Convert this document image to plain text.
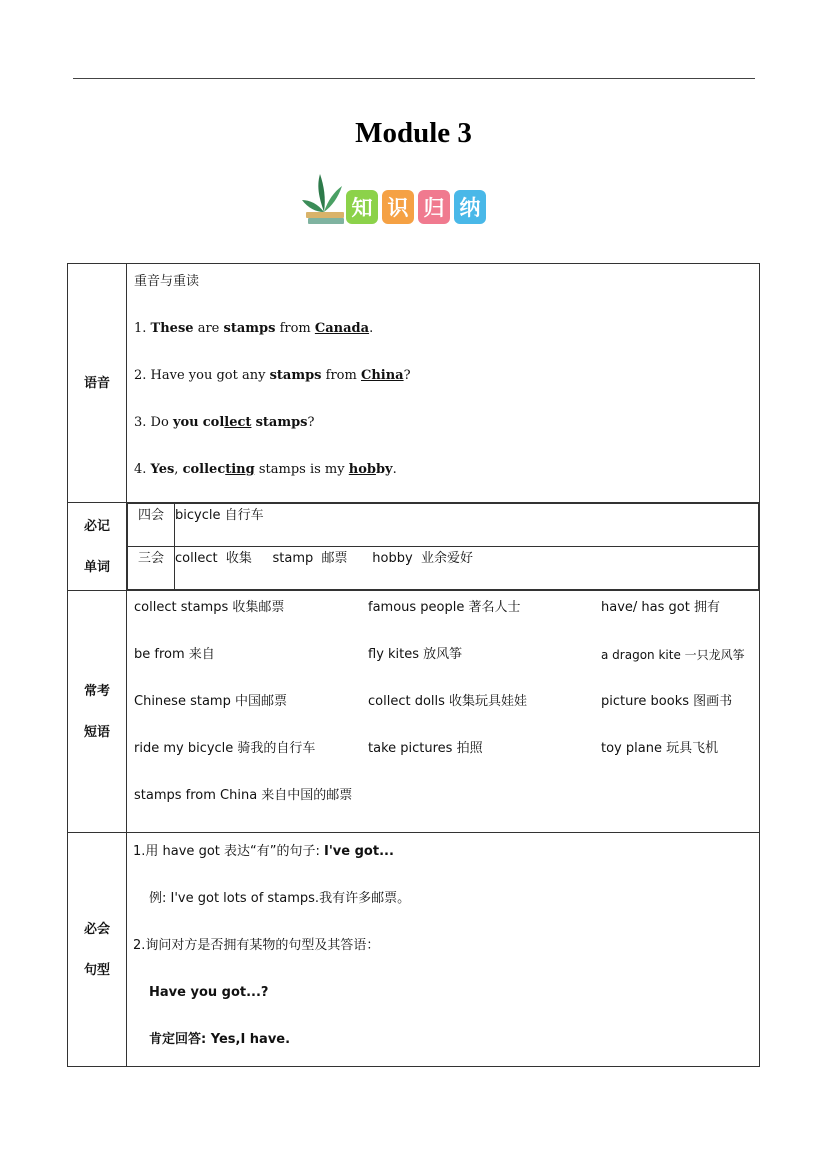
Module 3
知 识 归 纳
语音	
重音与重读
1. These are stamps from Canada.
2. Have you got any stamps from China?
3. Do you collect stamps?
4. Yes, collecting stamps is my hobby.

必记
单词

四会	bicycle 自行车
三会	collect  收集     stamp  邮票      hobby  业余爱好

常考
短语

collect stamps 收集邮票	famous people 著名人士	have/ has got 拥有
be from 来自	fly kites 放风筝	a dragon kite 一只龙风筝
Chinese stamp 中国邮票	collect dolls 收集玩具娃娃	picture books 图画书
ride my bicycle 骑我的自行车	take pictures 拍照	toy plane 玩具飞机
stamps from China 来自中国的邮票

必会
句型

1.用 have got 表达“有”的句子: I've got...
例: I've got lots of stamps.我有许多邮票。
2.询问对方是否拥有某物的句型及其答语：
Have you got...?
肯定回答: Yes,I have.
